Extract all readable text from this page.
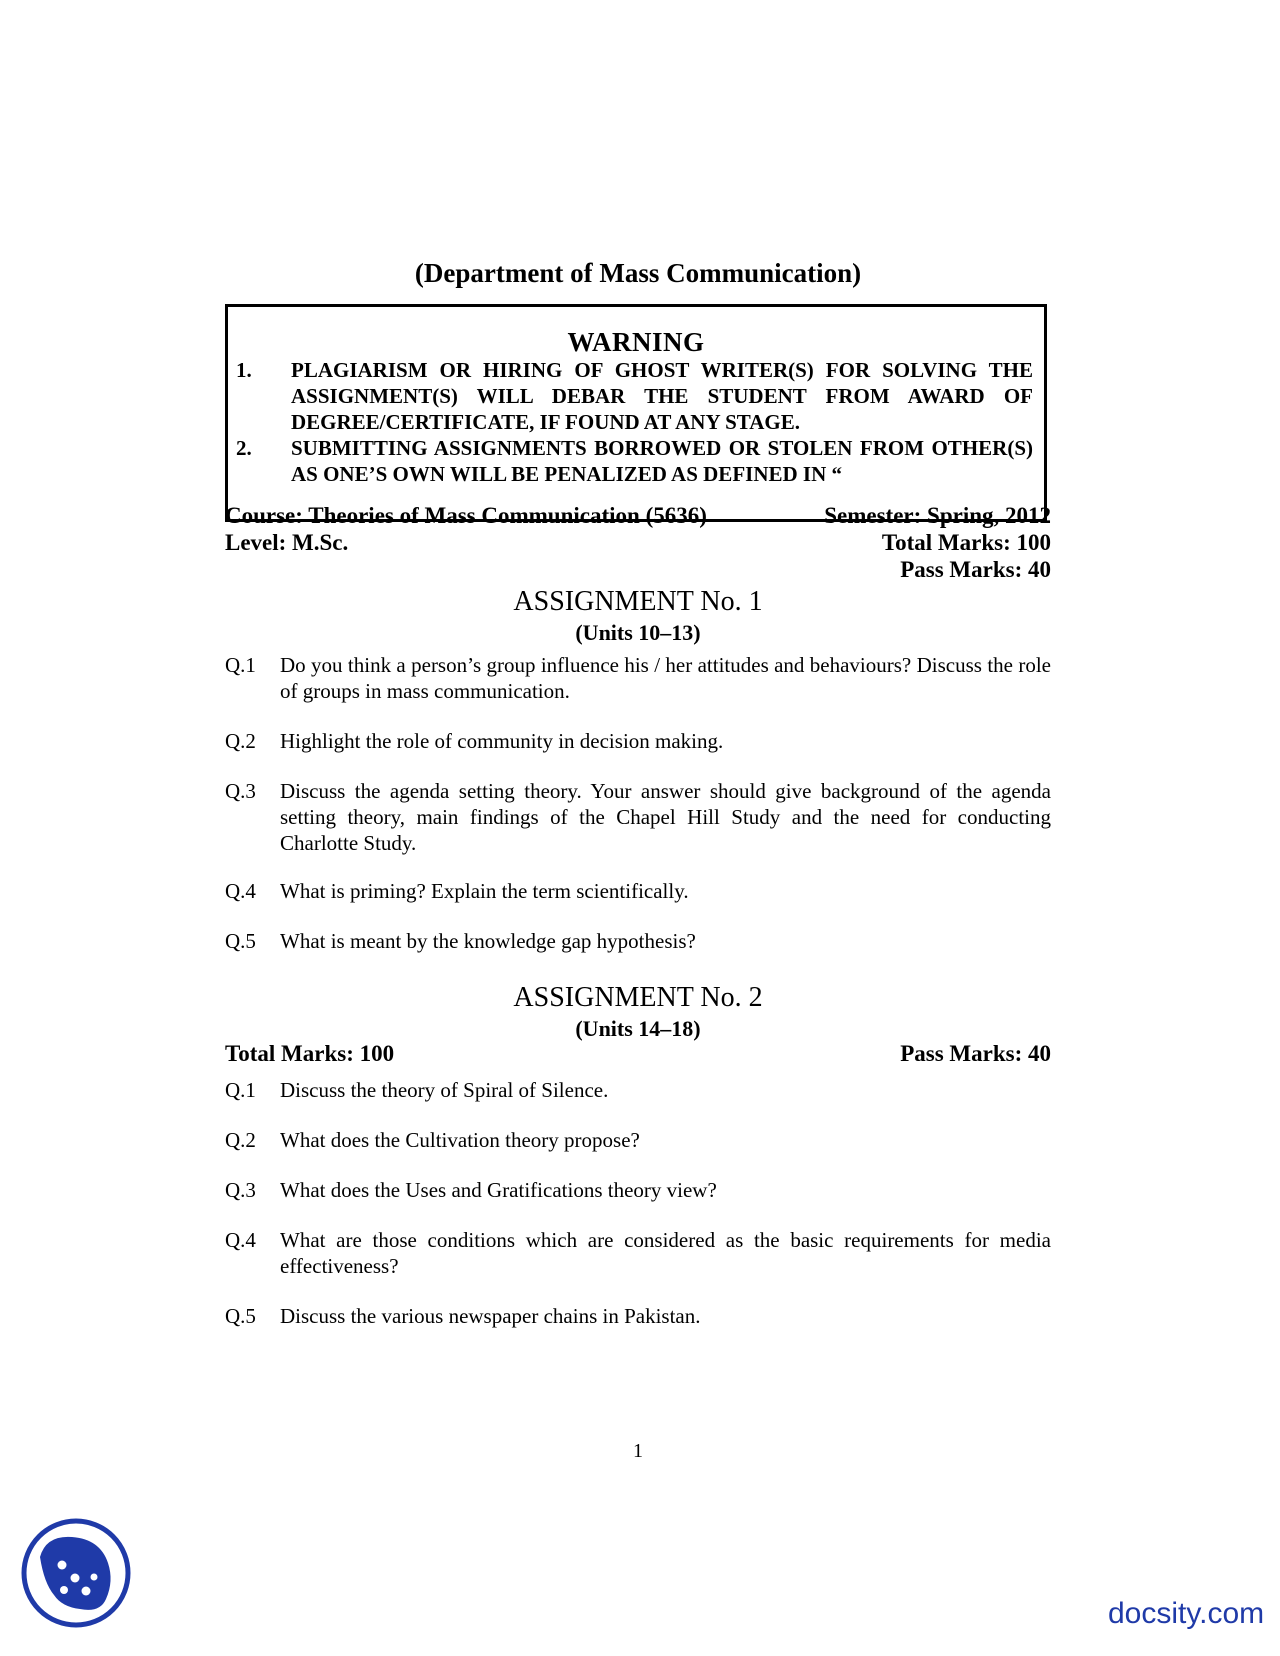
(Department of Mass Communication)
WARNING
1. PLAGIARISM OR HIRING OF GHOST WRITER(S) FOR SOLVING THE ASSIGNMENT(S) WILL DEBAR THE STUDENT FROM AWARD OF DEGREE/CERTIFICATE, IF FOUND AT ANY STAGE.
2. SUBMITTING ASSIGNMENTS BORROWED OR STOLEN FROM OTHER(S) AS ONE’S OWN WILL BE PENALIZED AS DEFINED IN “
Course: Theories of Mass Communication (5636)	Semester: Spring, 2012
Level: M.Sc.	Total Marks: 100
Pass Marks: 40
ASSIGNMENT No. 1
(Units 10–13)
Q.1 Do you think a person’s group influence his / her attitudes and behaviours? Discuss the role of groups in mass communication.
Q.2 Highlight the role of community in decision making.
Q.3 Discuss the agenda setting theory. Your answer should give background of the agenda setting theory, main findings of the Chapel Hill Study and the need for conducting Charlotte Study.
Q.4 What is priming? Explain the term scientifically.
Q.5 What is meant by the knowledge gap hypothesis?
ASSIGNMENT No. 2
(Units 14–18)
Total Marks: 100	Pass Marks: 40
Q.1 Discuss the theory of Spiral of Silence.
Q.2 What does the Cultivation theory propose?
Q.3 What does the Uses and Gratifications theory view?
Q.4 What are those conditions which are considered as the basic requirements for media effectiveness?
Q.5 Discuss the various newspaper chains in Pakistan.
1
docsity.com
